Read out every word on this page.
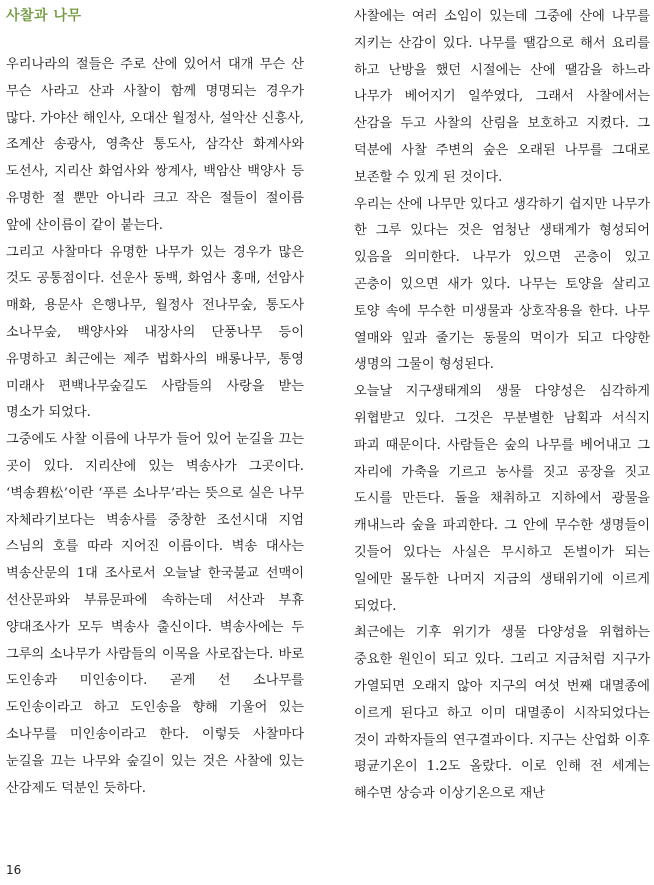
사찰과 나무

우리나라의 절들은 주로 산에 있어서 대개 무슨 산 무슨 사라고 산과 사찰이 함께 명명되는 경우가 많다. 가야산 해인사, 오대산 월정사, 설악산 신흥사, 조계산 송광사, 영축산 통도사, 삼각산 화계사와 도선사, 지리산 화엄사와 쌍계사, 백암산 백양사 등 유명한 절 뿐만 아니라 크고 작은 절들이 절이름 앞에 산이름이 같이 붙는다.

그리고 사찰마다 유명한 나무가 있는 경우가 많은 것도 공통점이다. 선운사 동백, 화엄사 홍매, 선암사 매화, 용문사 은행나무, 월정사 전나무숲, 통도사 소나무숲, 백양사와 내장사의 단풍나무 등이 유명하고 최근에는 제주 법화사의 배롱나무, 통영 미래사 편백나무숲길도 사람들의 사랑을 받는 명소가 되었다.

그중에도 사찰 이름에 나무가 들어 있어 눈길을 끄는 곳이 있다. 지리산에 있는 벽송사가 그곳이다. ‘벽송碧松’이란 ‘푸른 소나무’라는 뜻으로 실은 나무 자체라기보다는 벽송사를 중창한 조선시대 지엄 스님의 호를 따라 지어진 이름이다. 벽송 대사는 벽송산문의 1대 조사로서 오늘날 한국불교 선맥이 선산문파와 부류문파에 속하는데 서산과 부휴 양대조사가 모두 벽송사 출신이다. 벽송사에는 두 그루의 소나무가 사람들의 이목을 사로잡는다. 바로 도인송과 미인송이다. 곧게 선 소나무를 도인송이라고 하고 도인송을 향해 기울어 있는 소나무를 미인송이라고 한다. 이렇듯 사찰마다 눈길을 끄는 나무와 숲길이 있는 것은 사찰에 있는 산감제도 덕분인 듯하다.

사찰에는 여러 소임이 있는데 그중에 산에 나무를 지키는 산감이 있다. 나무를 땔감으로 해서 요리를 하고 난방을 했던 시절에는 산에 땔감을 하느라 나무가 베어지기 일쑤였다, 그래서 사찰에서는 산감을 두고 사찰의 산림을 보호하고 지켰다. 그 덕분에 사찰 주변의 숲은 오래된 나무를 그대로 보존할 수 있게 된 것이다.

우리는 산에 나무만 있다고 생각하기 쉽지만 나무가 한 그루 있다는 것은 엄청난 생태계가 형성되어 있음을 의미한다. 나무가 있으면 곤충이 있고 곤충이 있으면 새가 있다. 나무는 토양을 살리고 토양 속에 무수한 미생물과 상호작용을 한다. 나무 열매와 잎과 줄기는 동물의 먹이가 되고 다양한 생명의 그물이 형성된다.

오늘날 지구생태계의 생물 다양성은 심각하게 위협받고 있다. 그것은 무분별한 남획과 서식지 파괴 때문이다. 사람들은 숲의 나무를 베어내고 그 자리에 가축을 기르고 농사를 짓고 공장을 짓고 도시를 만든다. 돌을 채취하고 지하에서 광물을 캐내느라 숲을 파괴한다. 그 안에 무수한 생명들이 깃들어 있다는 사실은 무시하고 돈벌이가 되는 일에만 몰두한 나머지 지금의 생태위기에 이르게 되었다.

최근에는 기후 위기가 생물 다양성을 위협하는 중요한 원인이 되고 있다. 그리고 지금처럼 지구가 가열되면 오래지 않아 지구의 여섯 번째 대멸종에 이르게 된다고 하고 이미 대멸종이 시작되었다는 것이 과학자들의 연구결과이다. 지구는 산업화 이후 평균기온이 1.2도 올랐다. 이로 인해 전 세계는 해수면 상승과 이상기온으로 재난

16
